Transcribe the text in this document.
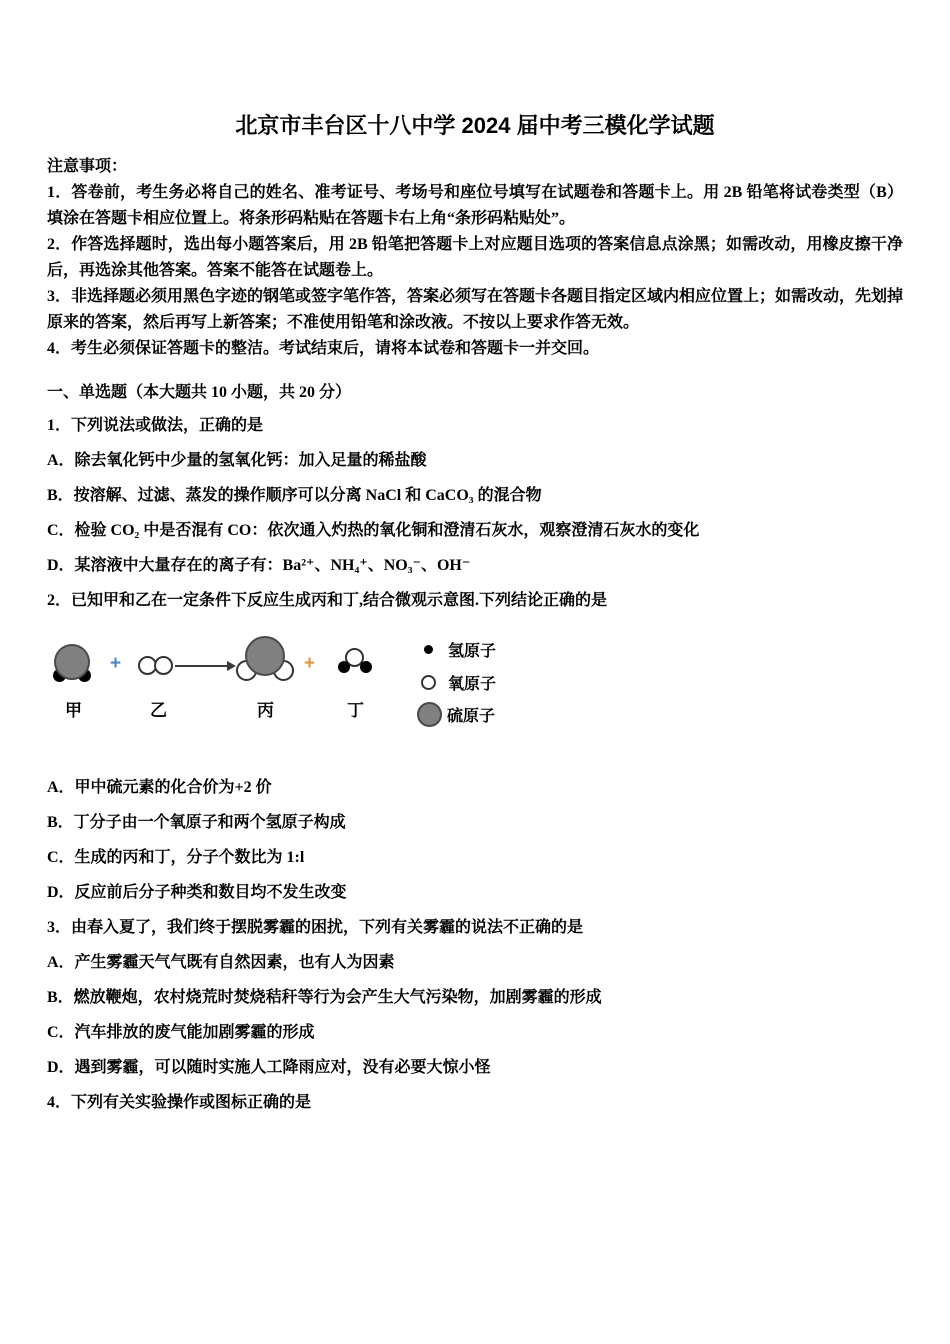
北京市丰台区十八中学 2024 届中考三模化学试题

注意事项：

1．答卷前，考生务必将自己的姓名、准考证号、考场号和座位号填写在试题卷和答题卡上。用 2B 铅笔将试卷类型（B）填涂在答题卡相应位置上。将条形码粘贴在答题卡右上角“条形码粘贴处”。

2．作答选择题时，选出每小题答案后，用 2B 铅笔把答题卡上对应题目选项的答案信息点涂黑；如需改动，用橡皮擦干净后，再选涂其他答案。答案不能答在试题卷上。

3．非选择题必须用黑色字迹的钢笔或签字笔作答，答案必须写在答题卡各题目指定区域内相应位置上；如需改动，先划掉原来的答案，然后再写上新答案；不准使用铅笔和涂改液。不按以上要求作答无效。

4．考生必须保证答题卡的整洁。考试结束后，请将本试卷和答题卡一并交回。

一、单选题（本大题共 10 小题，共 20 分）

1．下列说法或做法，正确的是

A．除去氧化钙中少量的氢氧化钙：加入足量的稀盐酸

B．按溶解、过滤、蒸发的操作顺序可以分离 NaCl 和 CaCO₃ 的混合物

C．检验 CO₂ 中是否混有 CO：依次通入灼热的氧化铜和澄清石灰水，观察澄清石灰水的变化

D．某溶液中大量存在的离子有：Ba²⁺、NH₄⁺、NO₃⁻、OH⁻

2．已知甲和乙在一定条件下反应生成丙和丁,结合微观示意图.下列结论正确的是

+	+
甲	乙	丙	丁
氢原子
氧原子
硫原子

A．甲中硫元素的化合价为+2 价

B．丁分子由一个氧原子和两个氢原子构成

C．生成的丙和丁，分子个数比为 1:l

D．反应前后分子种类和数目均不发生改变

3．由春入夏了，我们终于摆脱雾霾的困扰，下列有关雾霾的说法不正确的是

A．产生雾霾天气气既有自然因素，也有人为因素

B．燃放鞭炮，农村烧荒时焚烧秸秆等行为会产生大气污染物，加剧雾霾的形成

C．汽车排放的废气能加剧雾霾的形成

D．遇到雾霾，可以随时实施人工降雨应对，没有必要大惊小怪

4．下列有关实验操作或图标正确的是
